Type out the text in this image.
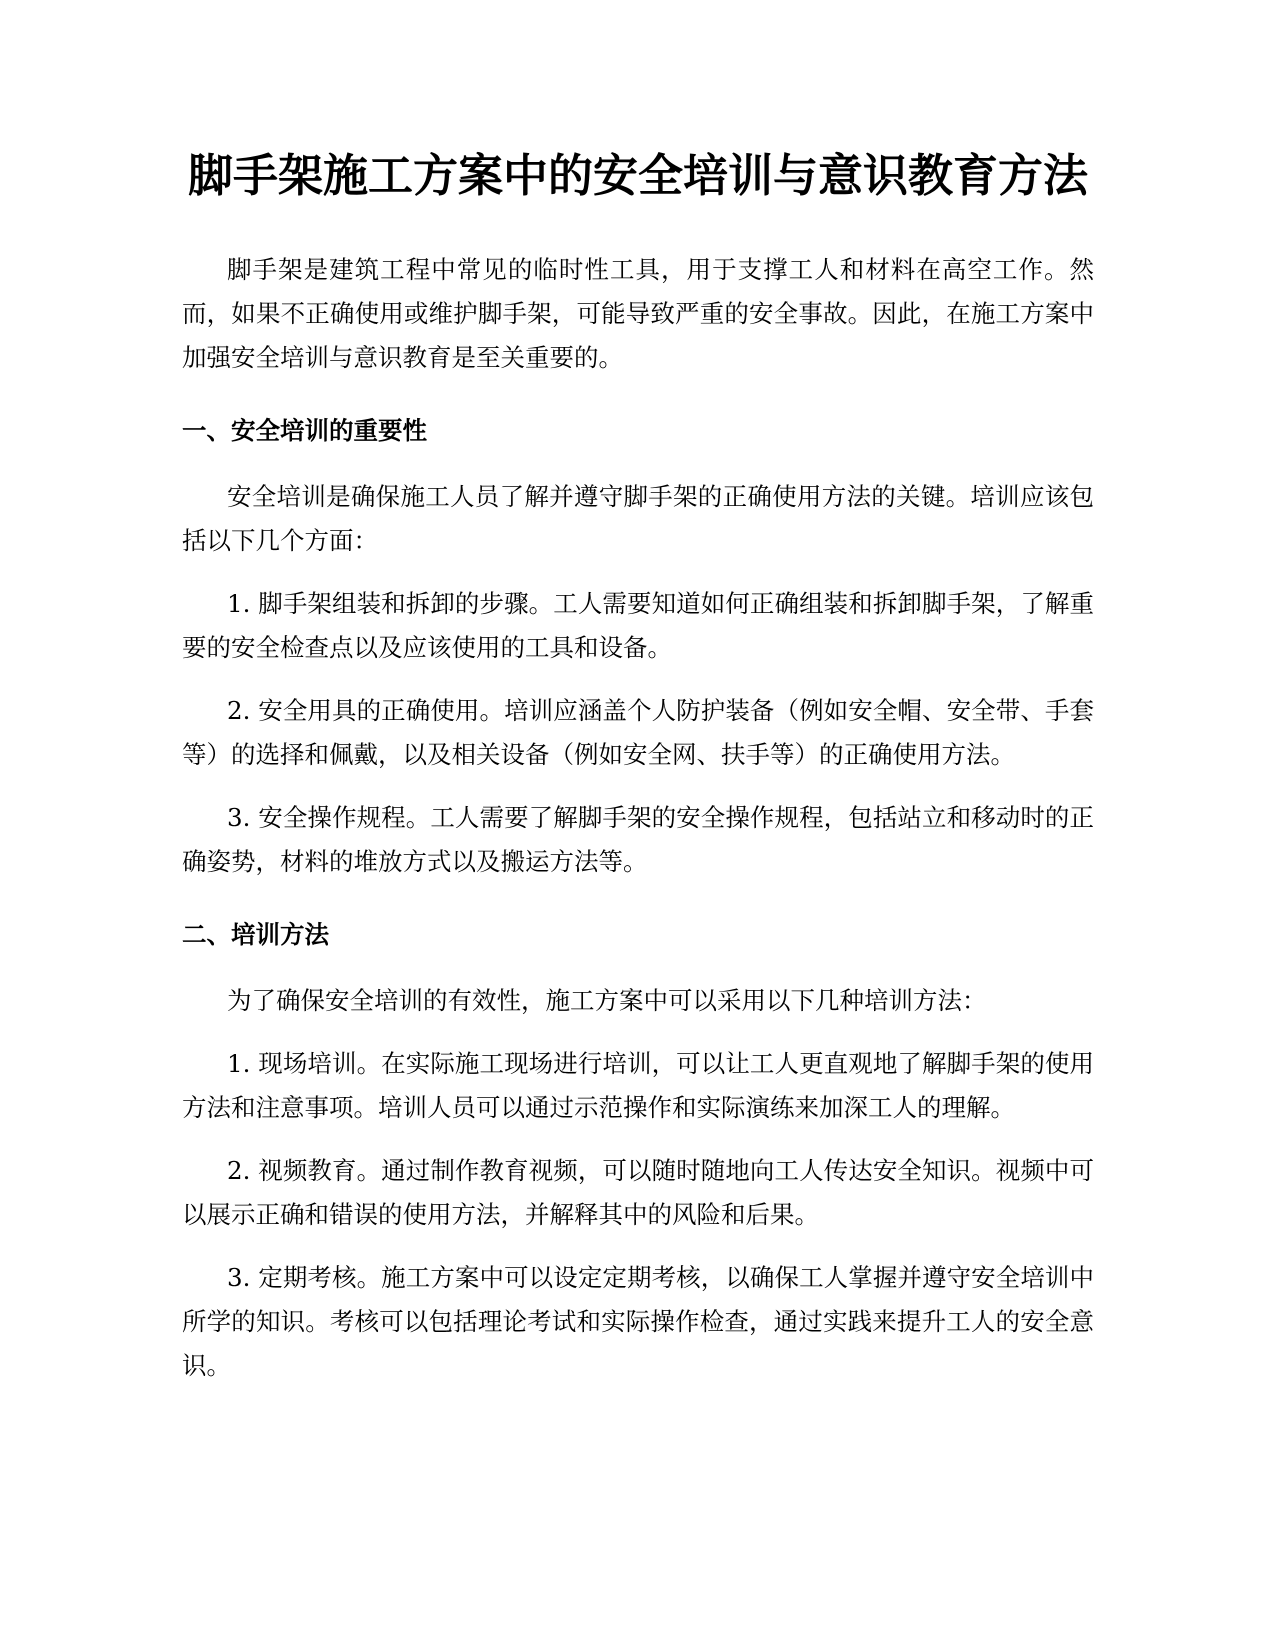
脚手架施工方案中的安全培训与意识教育方法

脚手架是建筑工程中常见的临时性工具，用于支撑工人和材料在高空工作。然而，如果不正确使用或维护脚手架，可能导致严重的安全事故。因此，在施工方案中加强安全培训与意识教育是至关重要的。

一、安全培训的重要性

安全培训是确保施工人员了解并遵守脚手架的正确使用方法的关键。培训应该包括以下几个方面：

1. 脚手架组装和拆卸的步骤。工人需要知道如何正确组装和拆卸脚手架，了解重要的安全检查点以及应该使用的工具和设备。

2. 安全用具的正确使用。培训应涵盖个人防护装备（例如安全帽、安全带、手套等）的选择和佩戴，以及相关设备（例如安全网、扶手等）的正确使用方法。

3. 安全操作规程。工人需要了解脚手架的安全操作规程，包括站立和移动时的正确姿势，材料的堆放方式以及搬运方法等。

二、培训方法

为了确保安全培训的有效性，施工方案中可以采用以下几种培训方法：

1. 现场培训。在实际施工现场进行培训，可以让工人更直观地了解脚手架的使用方法和注意事项。培训人员可以通过示范操作和实际演练来加深工人的理解。

2. 视频教育。通过制作教育视频，可以随时随地向工人传达安全知识。视频中可以展示正确和错误的使用方法，并解释其中的风险和后果。

3. 定期考核。施工方案中可以设定定期考核，以确保工人掌握并遵守安全培训中所学的知识。考核可以包括理论考试和实际操作检查，通过实践来提升工人的安全意识。
